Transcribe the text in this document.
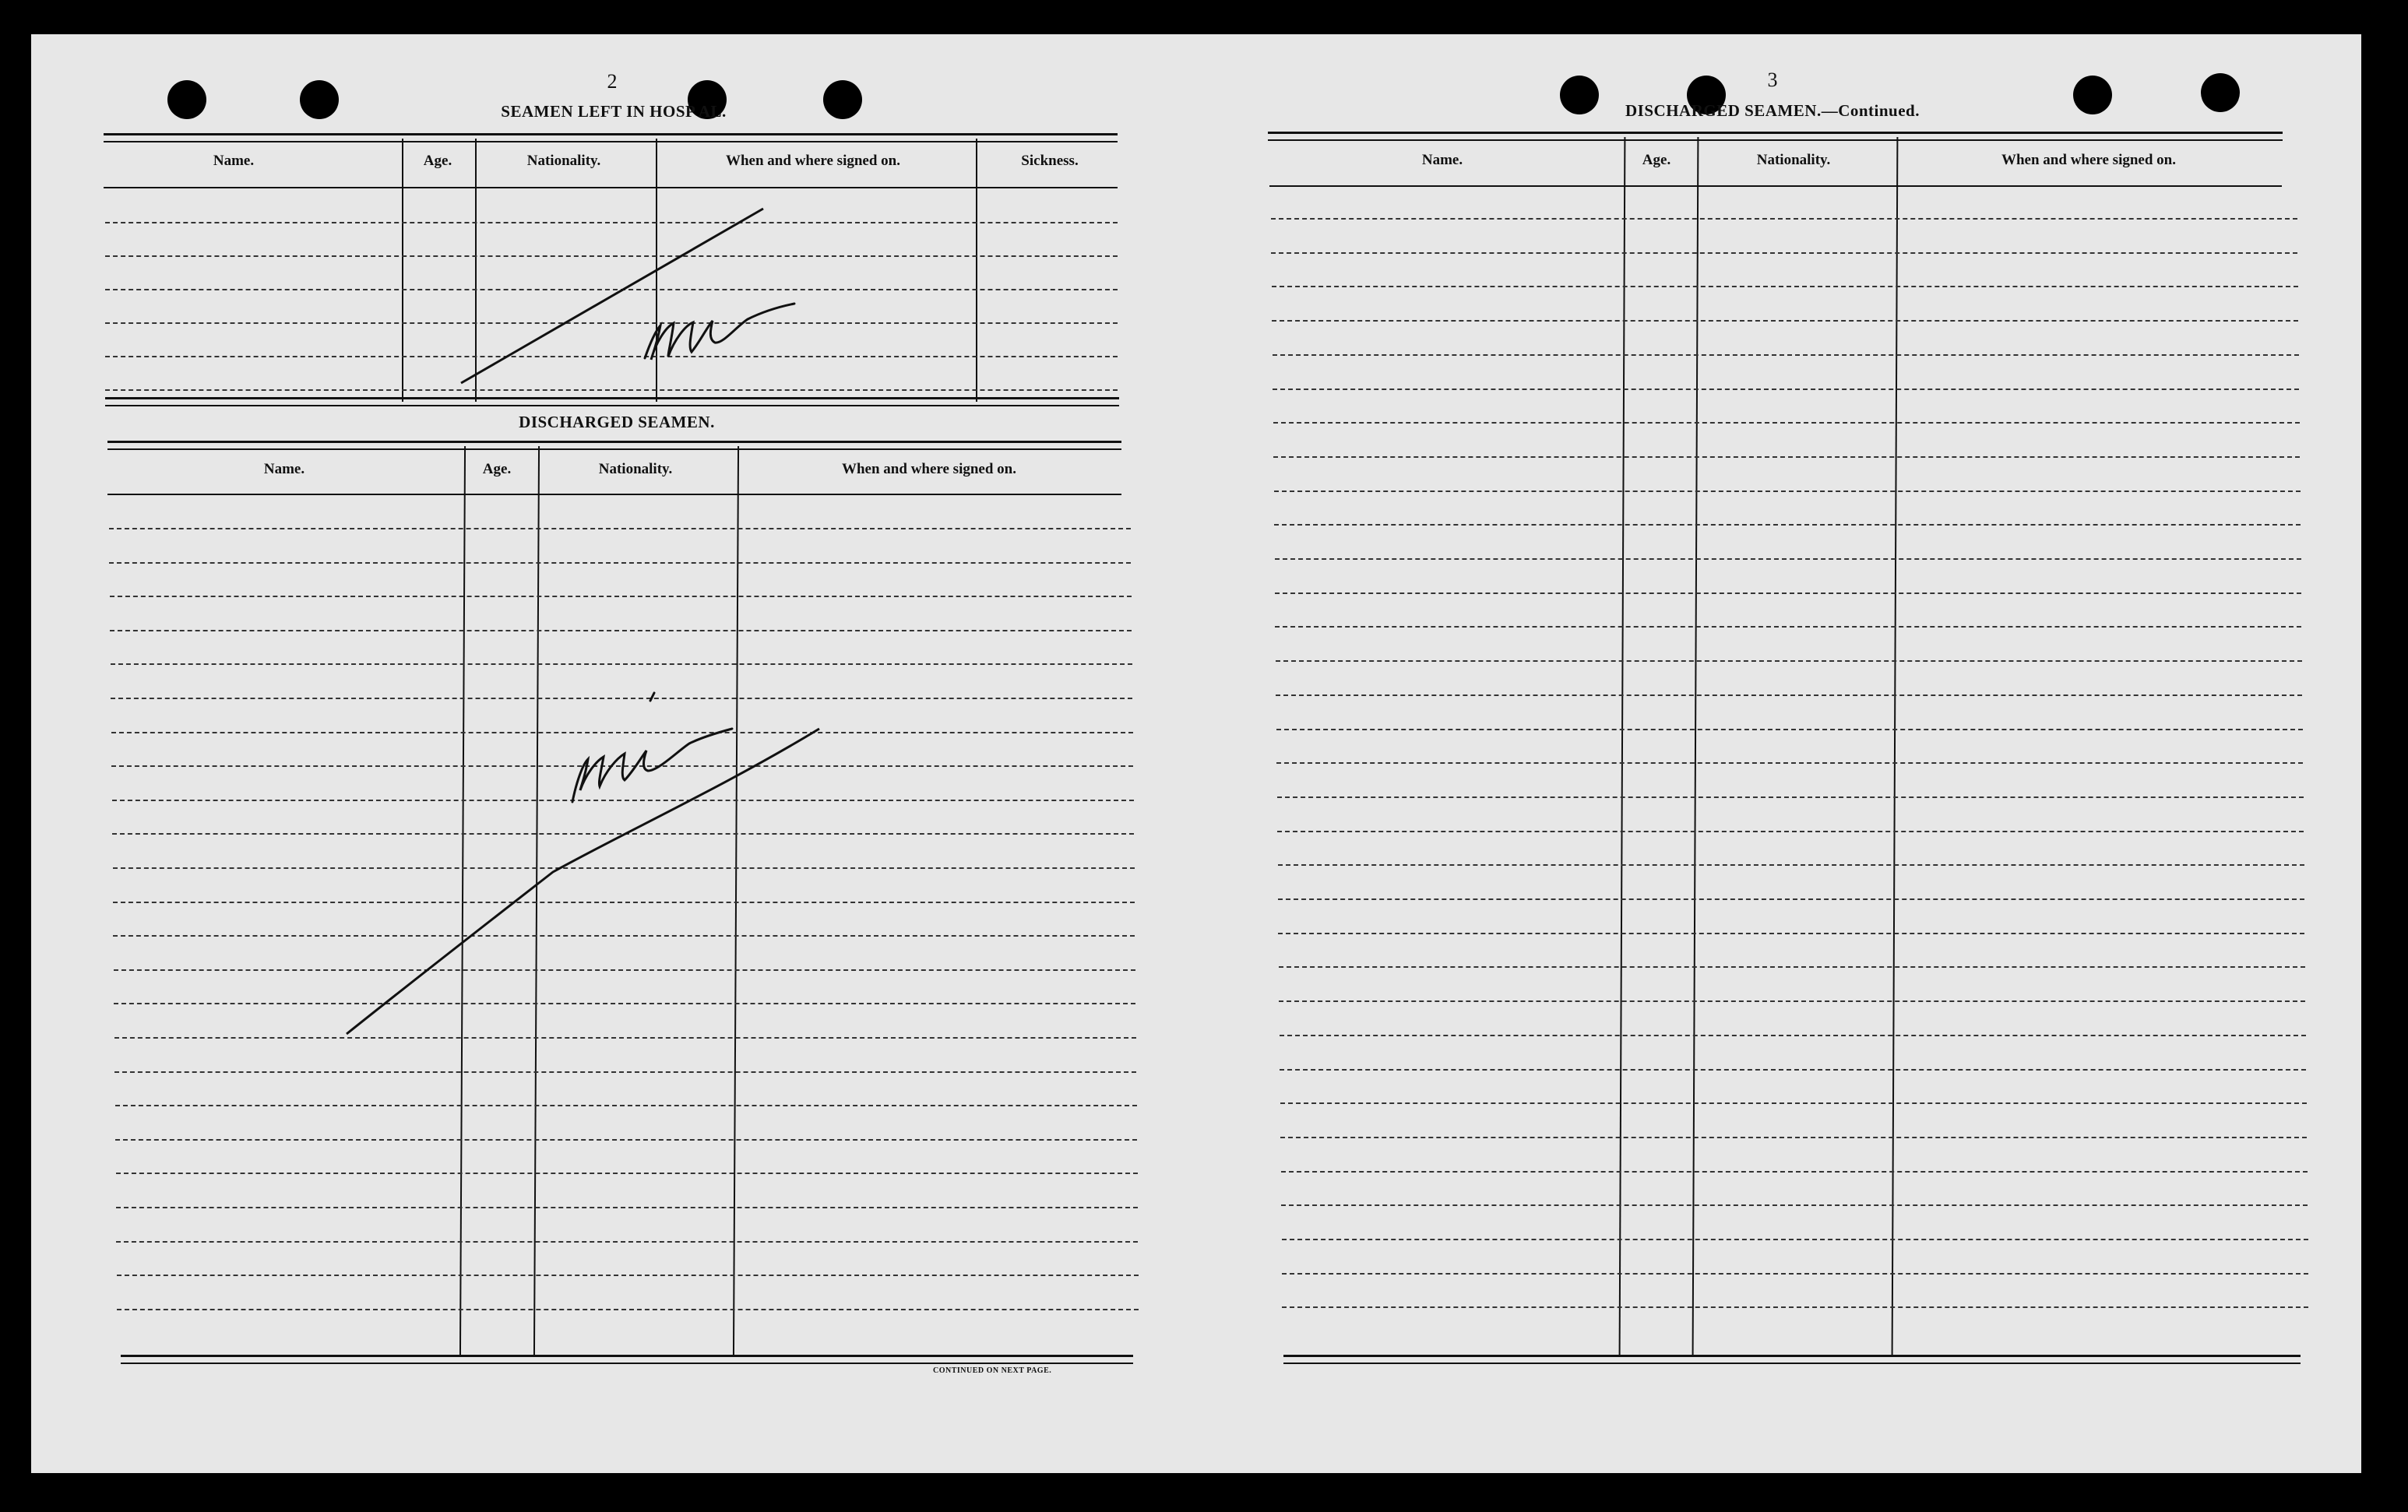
2
SEAMEN LEFT IN HOSP AL.
Name.	Age.	Nationality.	When and where signed on.	Sickness.
DISCHARGED SEAMEN.
Name.	Age.	Nationality.	When and where signed on.
CONTINUED ON NEXT PAGE.
3
DISCHARGED SEAMEN.—Continued.
Name.	Age.	Nationality.	When and where signed on.
